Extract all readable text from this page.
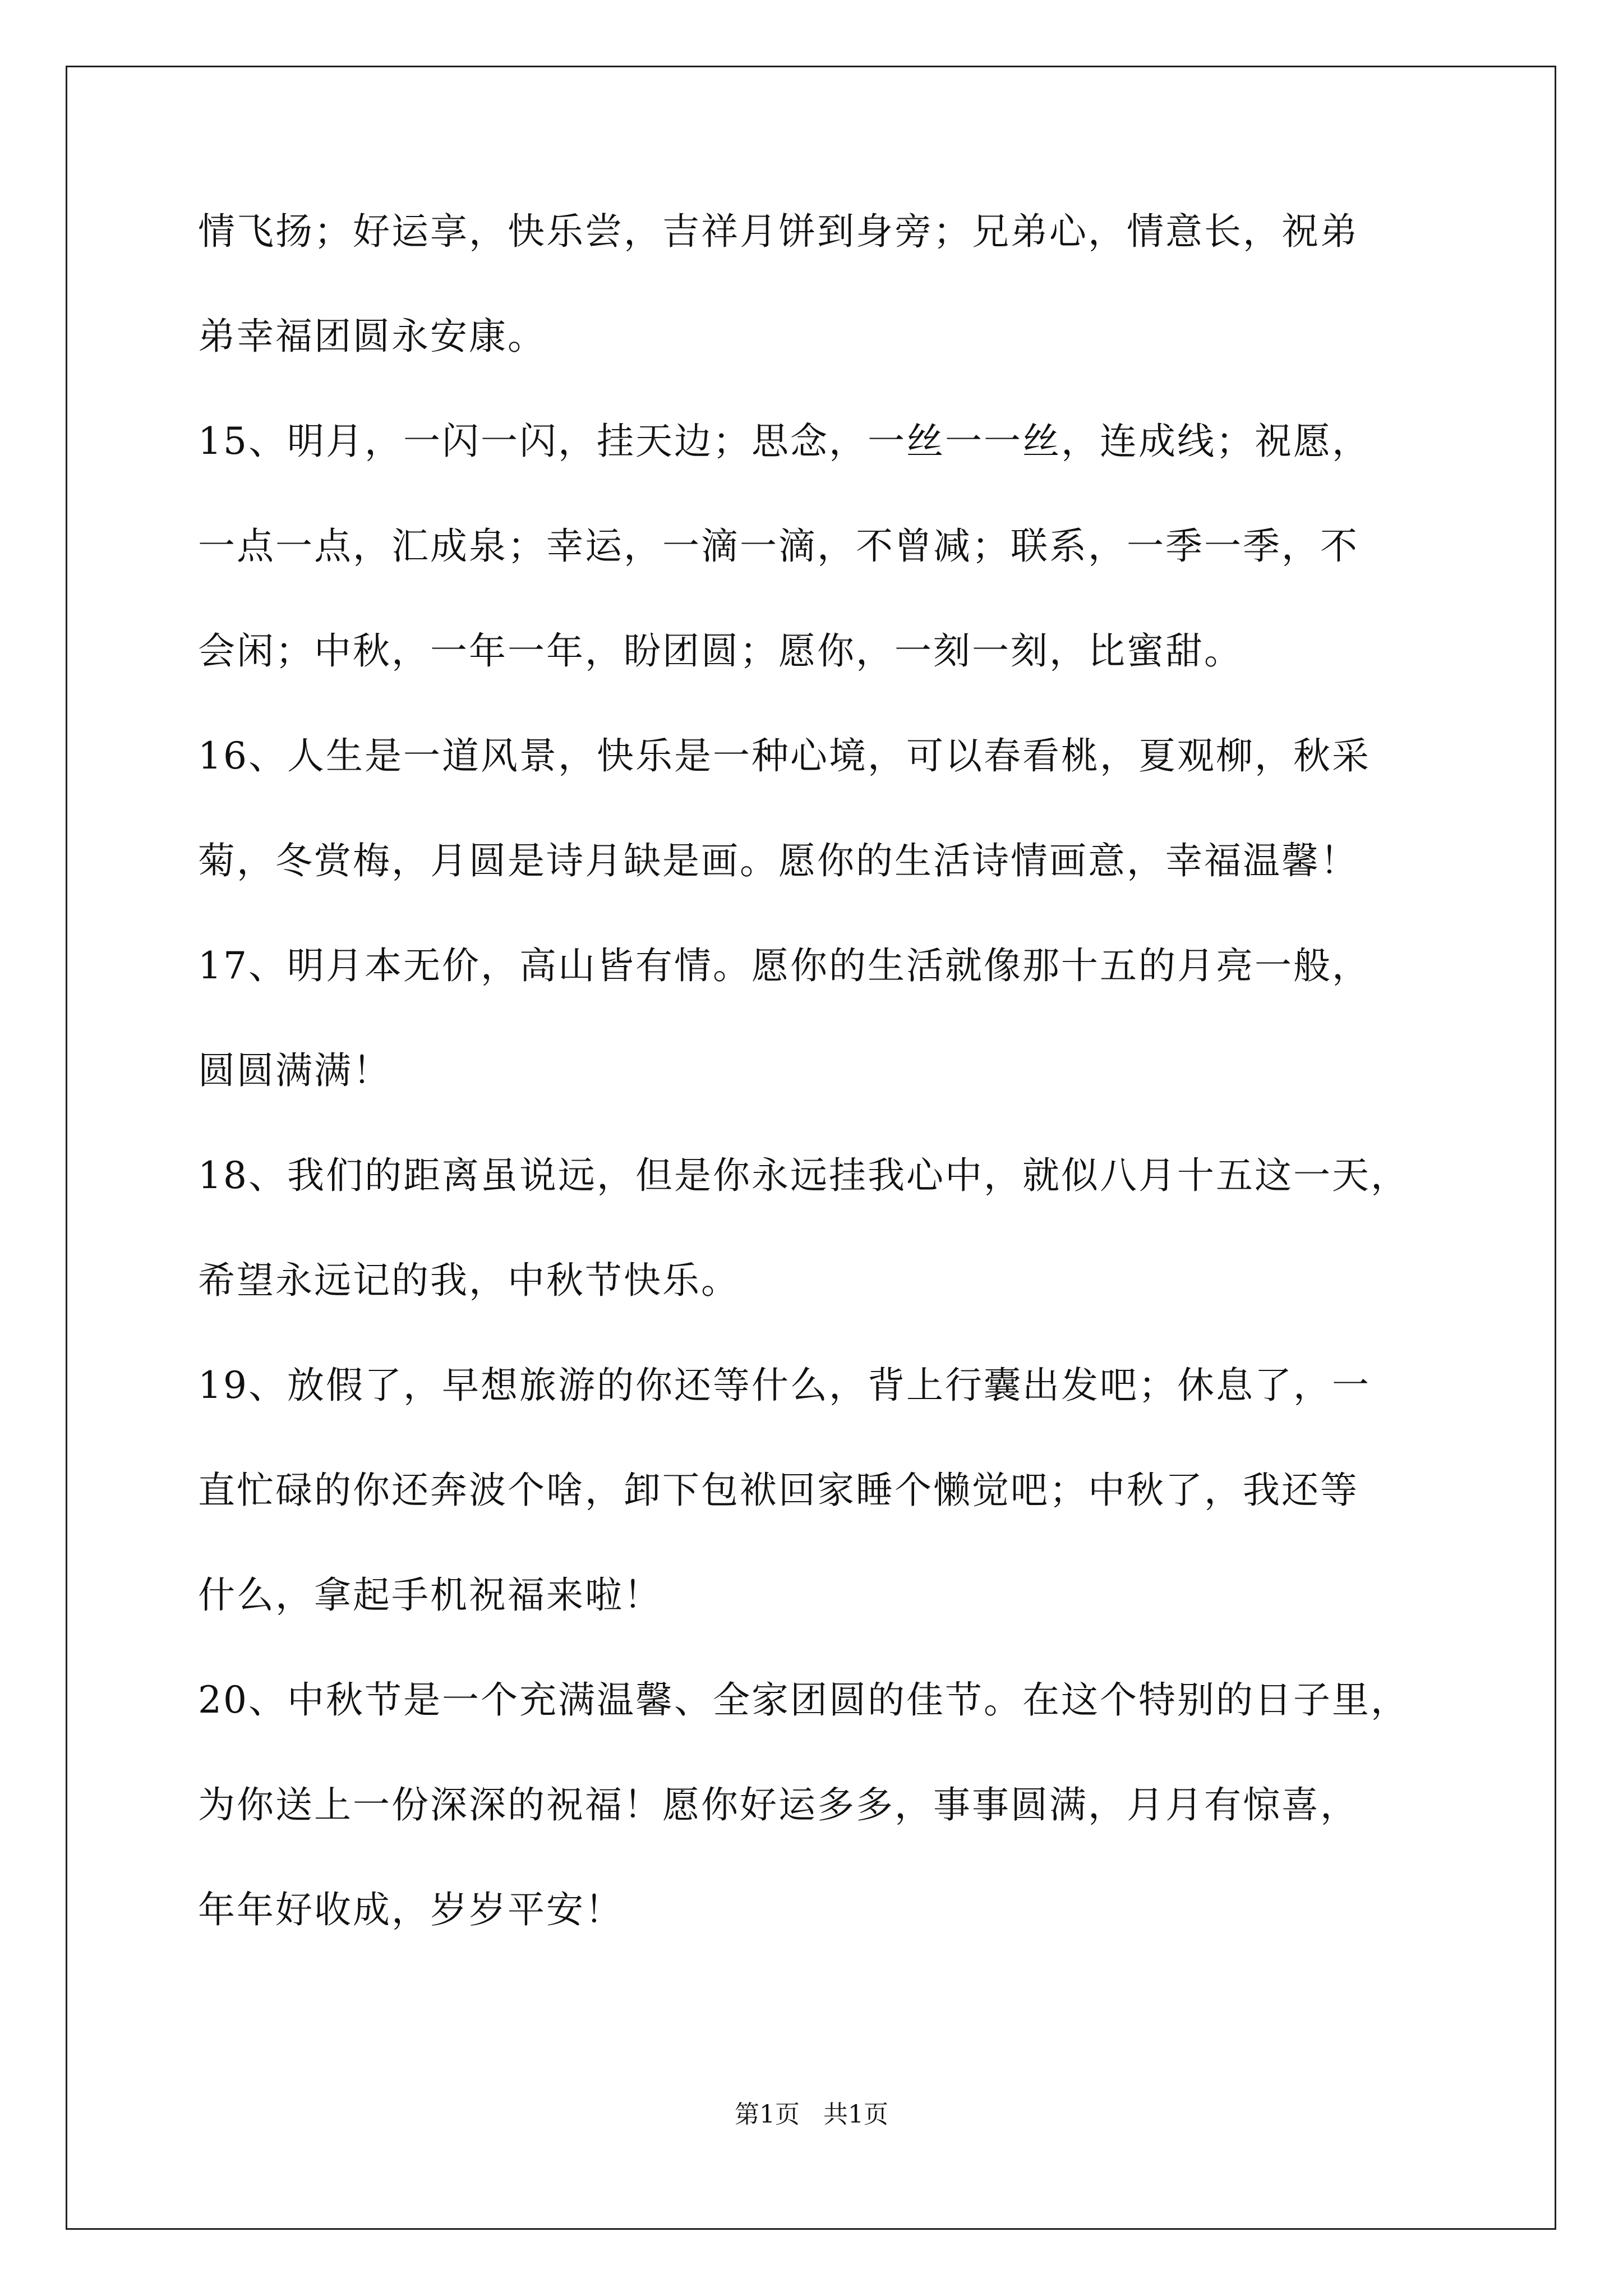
情飞扬；好运享，快乐尝，吉祥月饼到身旁；兄弟心，情意长，祝弟
弟幸福团圆永安康。
15、明月，一闪一闪，挂天边；思念，一丝一一丝，连成线；祝愿，
一点一点，汇成泉；幸运，一滴一滴，不曾减；联系，一季一季，不
会闲；中秋，一年一年，盼团圆；愿你，一刻一刻，比蜜甜。
16、人生是一道风景，快乐是一种心境，可以春看桃，夏观柳，秋采
菊，冬赏梅，月圆是诗月缺是画。愿你的生活诗情画意，幸福温馨！
17、明月本无价，高山皆有情。愿你的生活就像那十五的月亮一般，
圆圆满满！
18、我们的距离虽说远，但是你永远挂我心中，就似八月十五这一天，
希望永远记的我，中秋节快乐。
19、放假了，早想旅游的你还等什么，背上行囊出发吧；休息了，一
直忙碌的你还奔波个啥，卸下包袱回家睡个懒觉吧；中秋了，我还等
什么，拿起手机祝福来啦！
20、中秋节是一个充满温馨、全家团圆的佳节。在这个特别的日子里，
为你送上一份深深的祝福！愿你好运多多，事事圆满，月月有惊喜，
年年好收成，岁岁平安！
第1页   共1页
